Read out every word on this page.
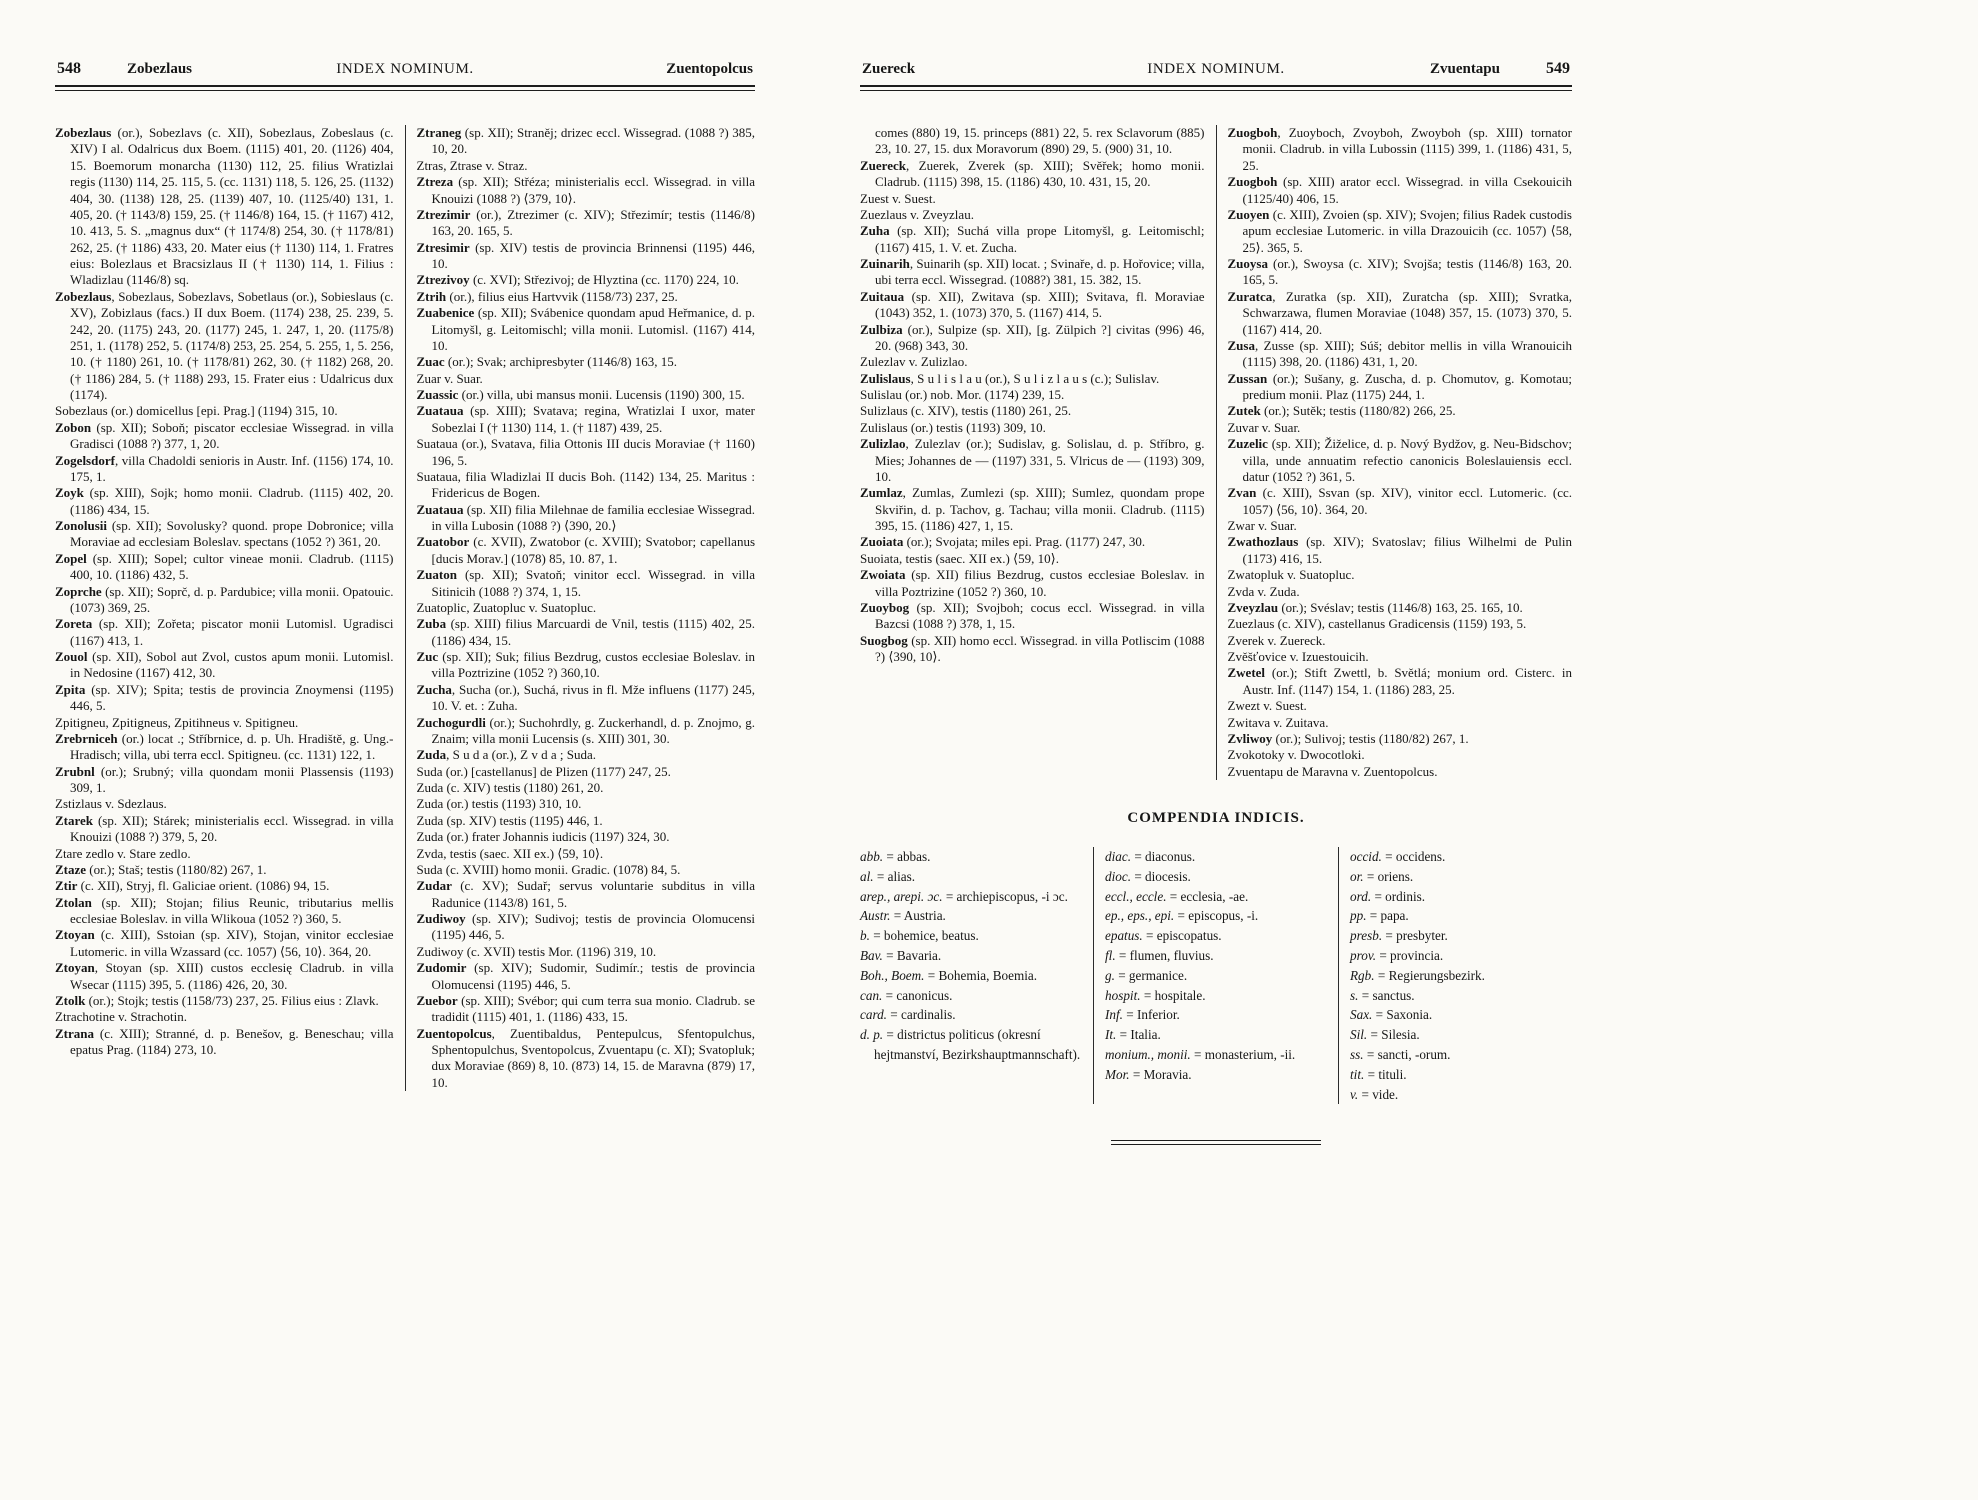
548	Zobezlaus	INDEX NOMINUM.	Zuentopolcus
Zobezlaus (or.), Sobezlavs (c. XII), Sobezlaus, Zobeslaus (c. XIV) I al. Odalricus dux Boem. (1115) 401, 20. (1126) 404, 15. Boemorum monarcha (1130) 112, 25. filius Wratizlai regis (1130) 114, 25. 115, 5. (cc. 1131) 118, 5. 126, 25. (1132) 404, 30. (1138) 128, 25. (1139) 407, 10. (1125/40) 131, 1. 405, 20. († 1143/8) 159, 25. († 1146/8) 164, 15. († 1167) 412, 10. 413, 5. S. „magnus dux“ († 1174/8) 254, 30. († 1178/81) 262, 25. († 1186) 433, 20. Mater eius († 1130) 114, 1. Fratres eius: Bolezlaus et Bracsizlaus II († 1130) 114, 1. Filius : Wladizlau (1146/8) sq.
Zobezlaus, Sobezlaus, Sobezlavs, Sobetlaus (or.), Sobieslaus (c. XV), Zobizlaus (facs.) II dux Boem. (1174) 238, 25. 239, 5. 242, 20. (1175) 243, 20. (1177) 245, 1. 247, 1, 20. (1175/8) 251, 1. (1178) 252, 5. (1174/8) 253, 25. 254, 5. 255, 1, 5. 256, 10. († 1180) 261, 10. († 1178/81) 262, 30. († 1182) 268, 20. († 1186) 284, 5. († 1188) 293, 15. Frater eius : Udalricus dux (1174).
Sobezlaus (or.) domicellus [epi. Prag.] (1194) 315, 10.
Zobon (sp. XII); Soboň; piscator ecclesiae Wissegrad. in villa Gradisci (1088 ?) 377, 1, 20.
Zogelsdorf, villa Chadoldi senioris in Austr. Inf. (1156) 174, 10. 175, 1.
Zoyk (sp. XIII), Sojk; homo monii. Cladrub. (1115) 402, 20. (1186) 434, 15.
Zonolusii (sp. XII); Sovolusky? quond. prope Dobronice; villa Moraviae ad ecclesiam Boleslav. spectans (1052 ?) 361, 20.
Zopel (sp. XIII); Sopel; cultor vineae monii. Cladrub. (1115) 400, 10. (1186) 432, 5.
Zoprche (sp. XII); Soprč, d. p. Pardubice; villa monii. Opatouic. (1073) 369, 25.
Zoreta (sp. XII); Zořeta; piscator monii Lutomisl. Ugradisci (1167) 413, 1.
Zouol (sp. XII), Sobol aut Zvol, custos apum monii. Lutomisl. in Nedosine (1167) 412, 30.
Zpita (sp. XIV); Spita; testis de provincia Znoymensi (1195) 446, 5.
Zpitigneu, Zpitigneus, Zpitihneus v. Spitigneu.
Zrebrniceh (or.) locat .; Stříbrnice, d. p. Uh. Hradiště, g. Ung.-Hradisch; villa, ubi terra eccl. Spitigneu. (cc. 1131) 122, 1.
Zrubnl (or.); Srubný; villa quondam monii Plassensis (1193) 309, 1.
Zstizlaus v. Sdezlaus.
Ztarek (sp. XII); Stárek; ministerialis eccl. Wissegrad. in villa Knouizi (1088 ?) 379, 5, 20.
Ztare zedlo v. Stare zedlo.
Ztaze (or.); Staš; testis (1180/82) 267, 1.
Ztir (c. XII), Stryj, fl. Galiciae orient. (1086) 94, 15.
Ztolan (sp. XII); Stojan; filius Reunic, tributarius mellis ecclesiae Boleslav. in villa Wlikoua (1052 ?) 360, 5.
Ztoyan (c. XIII), Sstoian (sp. XIV), Stojan, vinitor ecclesiae Lutomeric. in villa Wzassard (cc. 1057) ⟨56, 10⟩. 364, 20.
Ztoyan, Stoyan (sp. XIII) custos ecclesię Cladrub. in villa Wsecar (1115) 395, 5. (1186) 426, 20, 30.
Ztolk (or.); Stojk; testis (1158/73) 237, 25. Filius eius : Zlavk.
Ztrachotine v. Strachotin.
Ztrana (c. XIII); Stranné, d. p. Benešov, g. Beneschau; villa epatus Prag. (1184) 273, 10.
Ztraneg (sp. XII); Straněj; drizec eccl. Wissegrad. (1088 ?) 385, 10, 20.
Ztras, Ztrase v. Straz.
Ztreza (sp. XII); Střéza; ministerialis eccl. Wissegrad. in villa Knouizi (1088 ?) ⟨379, 10⟩.
Ztrezimir (or.), Ztrezimer (c. XIV); Střezimír; testis (1146/8) 163, 20. 165, 5.
Ztresimir (sp. XIV) testis de provincia Brinnensi (1195) 446, 10.
Ztrezivoy (c. XVI); Střezivoj; de Hlyztina (cc. 1170) 224, 10.
Ztrih (or.), filius eius Hartvvik (1158/73) 237, 25.
Zuabenice (sp. XII); Svábenice quondam apud Heřmanice, d. p. Litomyšl, g. Leitomischl; villa monii. Lutomisl. (1167) 414, 10.
Zuac (or.); Svak; archipresbyter (1146/8) 163, 15.
Zuar v. Suar.
Zuassic (or.) villa, ubi mansus monii. Lucensis (1190) 300, 15.
Zuataua (sp. XIII); Svatava; regina, Wratizlai I uxor, mater Sobezlai I († 1130) 114, 1. († 1187) 439, 25.
Suataua (or.), Svatava, filia Ottonis III ducis Moraviae († 1160) 196, 5.
Suataua, filia Wladizlai II ducis Boh. (1142) 134, 25. Maritus : Fridericus de Bogen.
Zuataua (sp. XII) filia Milehnae de familia ecclesiae Wissegrad. in villa Lubosin (1088 ?) ⟨390, 20.⟩
Zuatobor (c. XVII), Zwatobor (c. XVIII); Svatobor; capellanus [ducis Morav.] (1078) 85, 10. 87, 1.
Zuaton (sp. XII); Svatoň; vinitor eccl. Wissegrad. in villa Sitinicih (1088 ?) 374, 1, 15.
Zuatoplic, Zuatopluc v. Suatopluc.
Zuba (sp. XIII) filius Marcuardi de Vnil, testis (1115) 402, 25. (1186) 434, 15.
Zuc (sp. XII); Suk; filius Bezdrug, custos ecclesiae Boleslav. in villa Poztrizine (1052 ?) 360,10.
Zucha, Sucha (or.), Suchá, rivus in fl. Mže influens (1177) 245, 10. V. et. : Zuha.
Zuchogurdli (or.); Suchohrdly, g. Zuckerhandl, d. p. Znojmo, g. Znaim; villa monii Lucensis (s. XIII) 301, 30.
Zuda, S u d a (or.), Z v d a ; Suda.
Suda (or.) [castellanus] de Plizen (1177) 247, 25.
Zuda (c. XIV) testis (1180) 261, 20.
Zuda (or.) testis (1193) 310, 10.
Zuda (sp. XIV) testis (1195) 446, 1.
Zuda (or.) frater Johannis iudicis (1197) 324, 30.
Zvda, testis (saec. XII ex.) ⟨59, 10⟩.
Suda (c. XVIII) homo monii. Gradic. (1078) 84, 5.
Zudar (c. XV); Sudař; servus voluntarie subditus in villa Radunice (1143/8) 161, 5.
Zudiwoy (sp. XIV); Sudivoj; testis de provincia Olomucensi (1195) 446, 5.
Zudiwoy (c. XVII) testis Mor. (1196) 319, 10.
Zudomir (sp. XIV); Sudomir, Sudimír.; testis de provincia Olomucensi (1195) 446, 5.
Zuebor (sp. XIII); Svébor; qui cum terra sua monio. Cladrub. se tradidit (1115) 401, 1. (1186) 433, 15.
Zuentopolcus, Zuentibaldus, Pentepulcus, Sfentopulchus, Sphentopulchus, Sventopolcus, Zvuentapu (c. XI); Svatopluk; dux Moraviae (869) 8, 10. (873) 14, 15. de Maravna (879) 17, 10.
Zuereck	INDEX NOMINUM.	Zvuentapu	549
comes (880) 19, 15. princeps (881) 22, 5. rex Sclavorum (885) 23, 10. 27, 15. dux Moravorum (890) 29, 5. (900) 31, 10.
Zuereck, Zuerek, Zverek (sp. XIII); Svěřek; homo monii. Cladrub. (1115) 398, 15. (1186) 430, 10. 431, 15, 20.
Zuest v. Suest.
Zuezlaus v. Zveyzlau.
Zuha (sp. XII); Suchá villa prope Litomyšl, g. Leitomischl; (1167) 415, 1. V. et. Zucha.
Zuinarih, Suinarih (sp. XII) locat. ; Svinaře, d. p. Hořovice; villa, ubi terra eccl. Wissegrad. (1088?) 381, 15. 382, 15.
Zuitaua (sp. XII), Zwitava (sp. XIII); Svitava, fl. Moraviae (1043) 352, 1. (1073) 370, 5. (1167) 414, 5.
Zulbiza (or.), Sulpize (sp. XII), [g. Zülpich ?] civitas (996) 46, 20. (968) 343, 30.
Zulezlav v. Zulizlao.
Zulislaus, S u l i s l a u (or.), S u l i z l a u s (c.); Sulislav.
Sulislau (or.) nob. Mor. (1174) 239, 15.
Sulizlaus (c. XIV), testis (1180) 261, 25.
Zulislaus (or.) testis (1193) 309, 10.
Zulizlao, Zulezlav (or.); Sudislav, g. Solislau, d. p. Stříbro, g. Mies; Johannes de — (1197) 331, 5. Vlricus de — (1193) 309, 10.
Zumlaz, Zumlas, Zumlezi (sp. XIII); Sumlez, quondam prope Skviřin, d. p. Tachov, g. Tachau; villa monii. Cladrub. (1115) 395, 15. (1186) 427, 1, 15.
Zuoiata (or.); Svojata; miles epi. Prag. (1177) 247, 30.
Suoiata, testis (saec. XII ex.) ⟨59, 10⟩.
Zwoiata (sp. XII) filius Bezdrug, custos ecclesiae Boleslav. in villa Poztrizine (1052 ?) 360, 10.
Zuoybog (sp. XII); Svojboh; cocus eccl. Wissegrad. in villa Bazcsi (1088 ?) 378, 1, 15.
Suogbog (sp. XII) homo eccl. Wissegrad. in villa Potliscim (1088 ?) ⟨390, 10⟩.
Zuogboh, Zuoyboch, Zvoyboh, Zwoyboh (sp. XIII) tornator monii. Cladrub. in villa Lubossin (1115) 399, 1. (1186) 431, 5, 25.
Zuogboh (sp. XIII) arator eccl. Wissegrad. in villa Csekouicih (1125/40) 406, 15.
Zuoyen (c. XIII), Zvoien (sp. XIV); Svojen; filius Radek custodis apum ecclesiae Lutomeric. in villa Drazouicih (cc. 1057) ⟨58, 25⟩. 365, 5.
Zuoysa (or.), Swoysa (c. XIV); Svojša; testis (1146/8) 163, 20. 165, 5.
Zuratca, Zuratka (sp. XII), Zuratcha (sp. XIII); Svratka, Schwarzawa, flumen Moraviae (1048) 357, 15. (1073) 370, 5. (1167) 414, 20.
Zusa, Zusse (sp. XIII); Súš; debitor mellis in villa Wranouicih (1115) 398, 20. (1186) 431, 1, 20.
Zussan (or.); Sušany, g. Zuscha, d. p. Chomutov, g. Komotau; predium monii. Plaz (1175) 244, 1.
Zutek (or.); Sutěk; testis (1180/82) 266, 25.
Zuvar v. Suar.
Zuzelic (sp. XII); Žiželice, d. p. Nový Bydžov, g. Neu-Bidschov; villa, unde annuatim refectio canonicis Boleslauiensis eccl. datur (1052 ?) 361, 5.
Zvan (c. XIII), Ssvan (sp. XIV), vinitor eccl. Lutomeric. (cc. 1057) ⟨56, 10⟩. 364, 20.
Zwar v. Suar.
Zwathozlaus (sp. XIV); Svatoslav; filius Wilhelmi de Pulin (1173) 416, 15.
Zwatopluk v. Suatopluc.
Zvda v. Zuda.
Zveyzlau (or.); Svéslav; testis (1146/8) 163, 25. 165, 10.
Zuezlaus (c. XIV), castellanus Gradicensis (1159) 193, 5.
Zverek v. Zuereck.
Zvěšťovice v. Izuestouicih.
Zwetel (or.); Stift Zwettl, b. Světlá; monium ord. Cisterc. in Austr. Inf. (1147) 154, 1. (1186) 283, 25.
Zwezt v. Suest.
Zwitava v. Zuitava.
Zvliwoy (or.); Sulivoj; testis (1180/82) 267, 1.
Zvokotoky v. Dwocotloki.
Zvuentapu de Maravna v. Zuentopolcus.
COMPENDIA INDICIS.
abb. = abbas.
al. = alias.
arep., arepi. ɔc. = archiepiscopus, -i ɔc.
Austr. = Austria.
b. = bohemice, beatus.
Bav. = Bavaria.
Boh., Boem. = Bohemia, Boemia.
can. = canonicus.
card. = cardinalis.
d. p. = districtus politicus (okresní hejtmanství, Bezirkshauptmannschaft).
diac. = diaconus.
dioc. = diocesis.
eccl., eccle. = ecclesia, -ae.
ep., eps., epi. = episcopus, -i.
epatus. = episcopatus.
fl. = flumen, fluvius.
g. = germanice.
hospit. = hospitale.
Inf. = Inferior.
It. = Italia.
monium., monii. = monasterium, -ii.
Mor. = Moravia.
occid. = occidens.
or. = oriens.
ord. = ordinis.
pp. = papa.
presb. = presbyter.
prov. = provincia.
Rgb. = Regierungsbezirk.
s. = sanctus.
Sax. = Saxonia.
Sil. = Silesia.
ss. = sancti, -orum.
tit. = tituli.
v. = vide.
